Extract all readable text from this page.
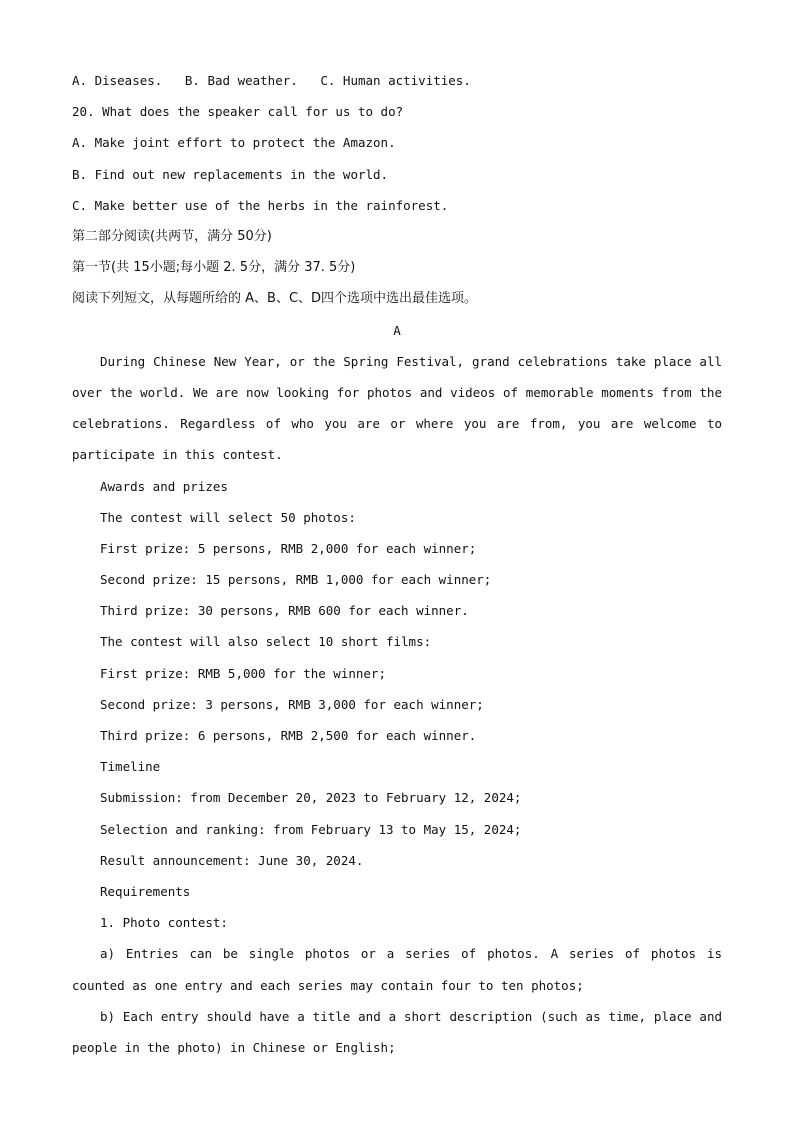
A. Diseases.   B. Bad weather.   C. Human activities.
20. What does the speaker call for us to do?
A. Make joint effort to protect the Amazon.
B. Find out new replacements in the world.
C. Make better use of the herbs in the rainforest.
第二部分阅读(共两节，满分 50分)
第一节(共 15小题;每小题 2. 5分，满分 37. 5分)
阅读下列短文，从每题所给的 A、B、C、D四个选项中选出最佳选项。
A
During Chinese New Year, or the Spring Festival, grand celebrations take place all over the world. We are now looking for photos and videos of memorable moments from the celebrations. Regardless of who you are or where you are from, you are welcome to participate in this contest.
Awards and prizes
The contest will select 50 photos:
First prize: 5 persons, RMB 2,000 for each winner;
Second prize: 15 persons, RMB 1,000 for each winner;
Third prize: 30 persons, RMB 600 for each winner.
The contest will also select 10 short films:
First prize: RMB 5,000 for the winner;
Second prize: 3 persons, RMB 3,000 for each winner;
Third prize: 6 persons, RMB 2,500 for each winner.
Timeline
Submission: from December 20, 2023 to February 12, 2024;
Selection and ranking: from February 13 to May 15, 2024;
Result announcement: June 30, 2024.
Requirements
1. Photo contest:
a) Entries can be single photos or a series of photos. A series of photos is counted as one entry and each series may contain four to ten photos;
b) Each entry should have a title and a short description (such as time, place and people in the photo) in Chinese or English;
